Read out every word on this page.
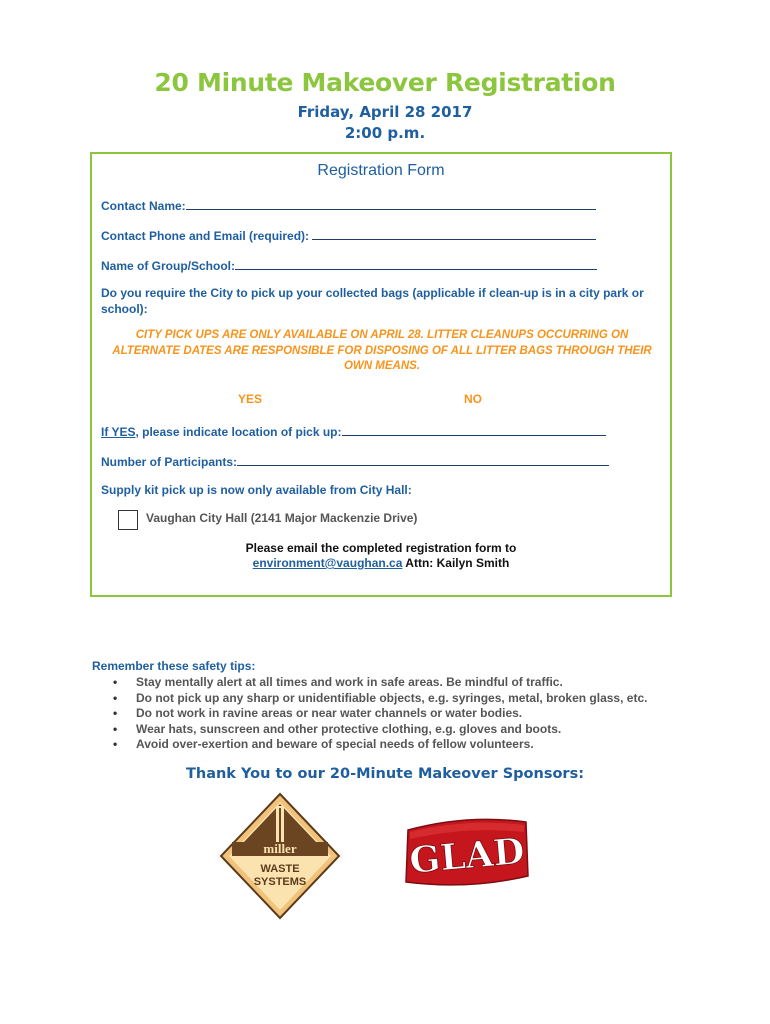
20 Minute Makeover Registration
Friday, April 28 2017
2:00 p.m.
Registration Form
Contact Name:
Contact Phone and Email (required):
Name of Group/School:
Do you require the City to pick up your collected bags (applicable if clean-up is in a city park or school):
CITY PICK UPS ARE ONLY AVAILABLE ON APRIL 28. LITTER CLEANUPS OCCURRING ON ALTERNATE DATES ARE RESPONSIBLE FOR DISPOSING OF ALL LITTER BAGS THROUGH THEIR OWN MEANS.
YES	NO
If YES, please indicate location of pick up:
Number of Participants:
Supply kit pick up is now only available from City Hall:
Vaughan City Hall (2141 Major Mackenzie Drive)
Please email the completed registration form to
environment@vaughan.ca Attn: Kailyn Smith
Remember these safety tips:
• Stay mentally alert at all times and work in safe areas. Be mindful of traffic.
• Do not pick up any sharp or unidentifiable objects, e.g. syringes, metal, broken glass, etc.
• Do not work in ravine areas or near water channels or water bodies.
• Wear hats, sunscreen and other protective clothing, e.g. gloves and boots.
• Avoid over-exertion and beware of special needs of fellow volunteers.
Thank You to our 20-Minute Makeover Sponsors:
miller
WASTE
SYSTEMS
GLAD
